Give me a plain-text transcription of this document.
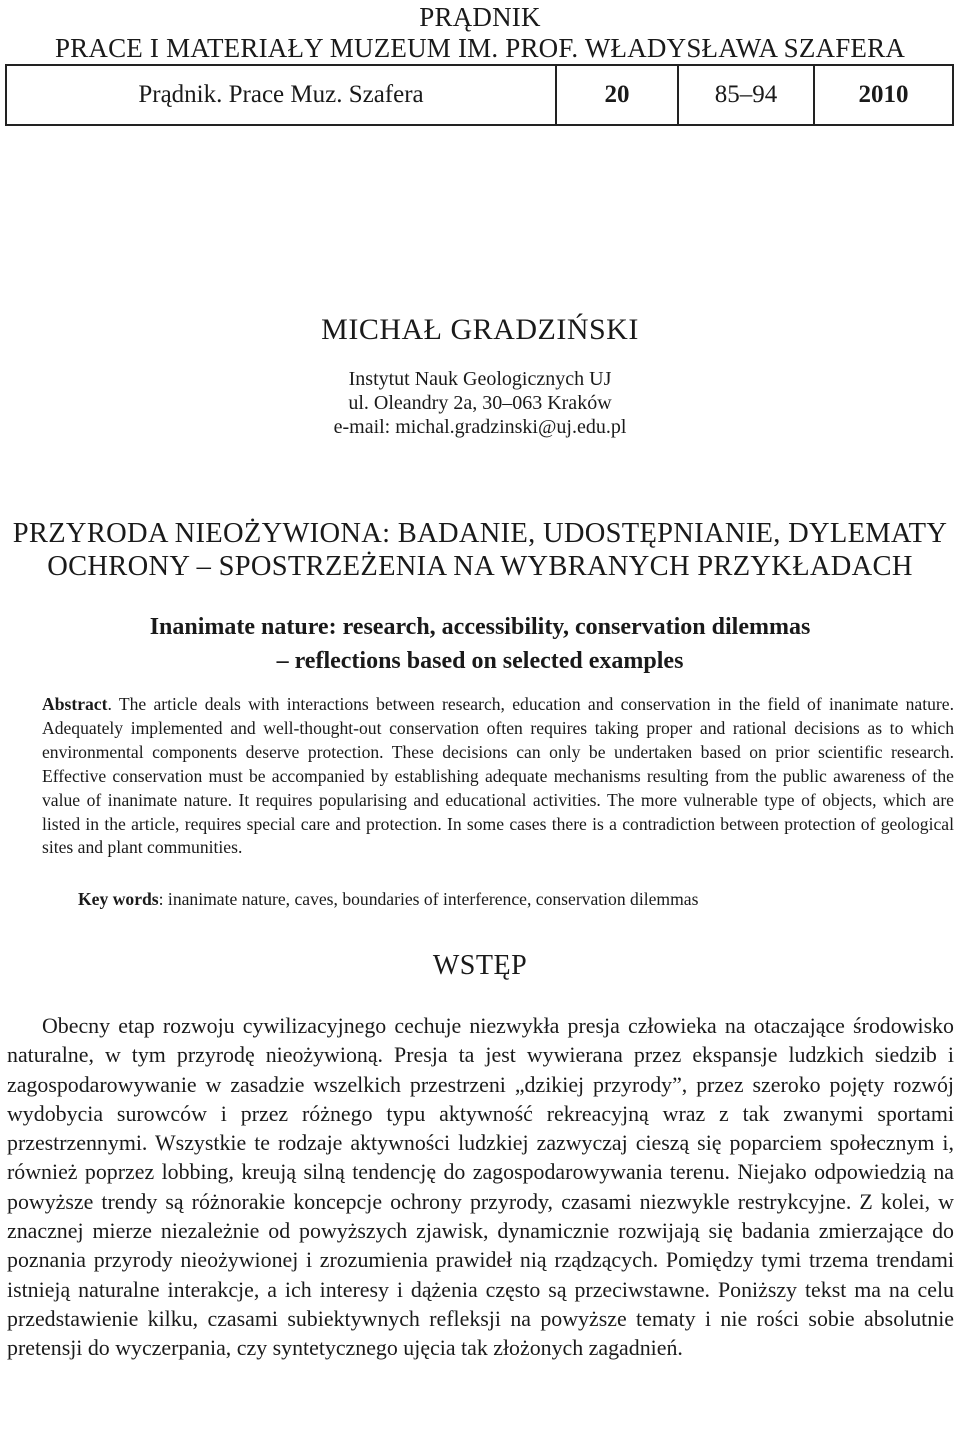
PRĄDNIK
PRACE I MATERIAŁY MUZEUM IM. PROF. WŁADYSŁAWA SZAFERA
Prądnik. Prace Muz. Szafera	20	85–94	2010
MICHAŁ GRADZIŃSKI
Instytut Nauk Geologicznych UJ
ul. Oleandry 2a, 30–063 Kraków
e-mail: michal.gradzinski@uj.edu.pl
PRZYRODA NIEOŻYWIONA: BADANIE, UDOSTĘPNIANIE, DYLEMATY
OCHRONY – SPOSTRZEŻENIA NA WYBRANYCH PRZYKŁADACH
Inanimate nature: research, accessibility, conservation dilemmas
– reflections based on selected examples
Abstract. The article deals with interactions between research, education and conservation in the field of inanimate nature. Adequately implemented and well-thought-out conservation often requires taking proper and rational decisions as to which environmental components deserve protection. These decisions can only be undertaken based on prior scientific research. Effective conservation must be accompanied by establishing adequate mechanisms resulting from the public awareness of the value of inanimate nature. It requires popularising and educational activities. The more vulnerable type of objects, which are listed in the article, requires special care and protection. In some cases there is a contradiction between protection of geological sites and plant communities.
Key words: inanimate nature, caves, boundaries of interference, conservation dilemmas
WSTĘP

Obecny etap rozwoju cywilizacyjnego cechuje niezwykła presja człowieka na otaczające środowisko naturalne, w tym przyrodę nieożywioną. Presja ta jest wywierana przez ekspansje ludzkich siedzib i zagospodarowywanie w zasadzie wszelkich przestrzeni „dzikiej przyrody”, przez szeroko pojęty rozwój wydobycia surowców i przez różnego typu aktywność rekreacyjną wraz z tak zwanymi sportami przestrzennymi. Wszystkie te rodzaje aktywności ludzkiej zazwyczaj cieszą się poparciem społecznym i, również poprzez lobbing, kreują silną tendencję do zagospodarowywania terenu. Niejako odpowiedzią na powyższe trendy są różnorakie koncepcje ochrony przyrody, czasami niezwykle restrykcyjne. Z kolei, w znacznej mierze niezależnie od powyższych zjawisk, dynamicznie rozwijają się badania zmierzające do poznania przyrody nieożywionej i zrozumienia prawideł nią rządzących. Pomiędzy tymi trzema trendami istnieją naturalne interakcje, a ich interesy i dążenia często są przeciwstawne. Poniższy tekst ma na celu przedstawienie kilku, czasami subiektywnych refleksji na powyższe tematy i nie rości sobie absolutnie pretensji do wyczerpania, czy syntetycznego ujęcia tak złożonych zagadnień.
